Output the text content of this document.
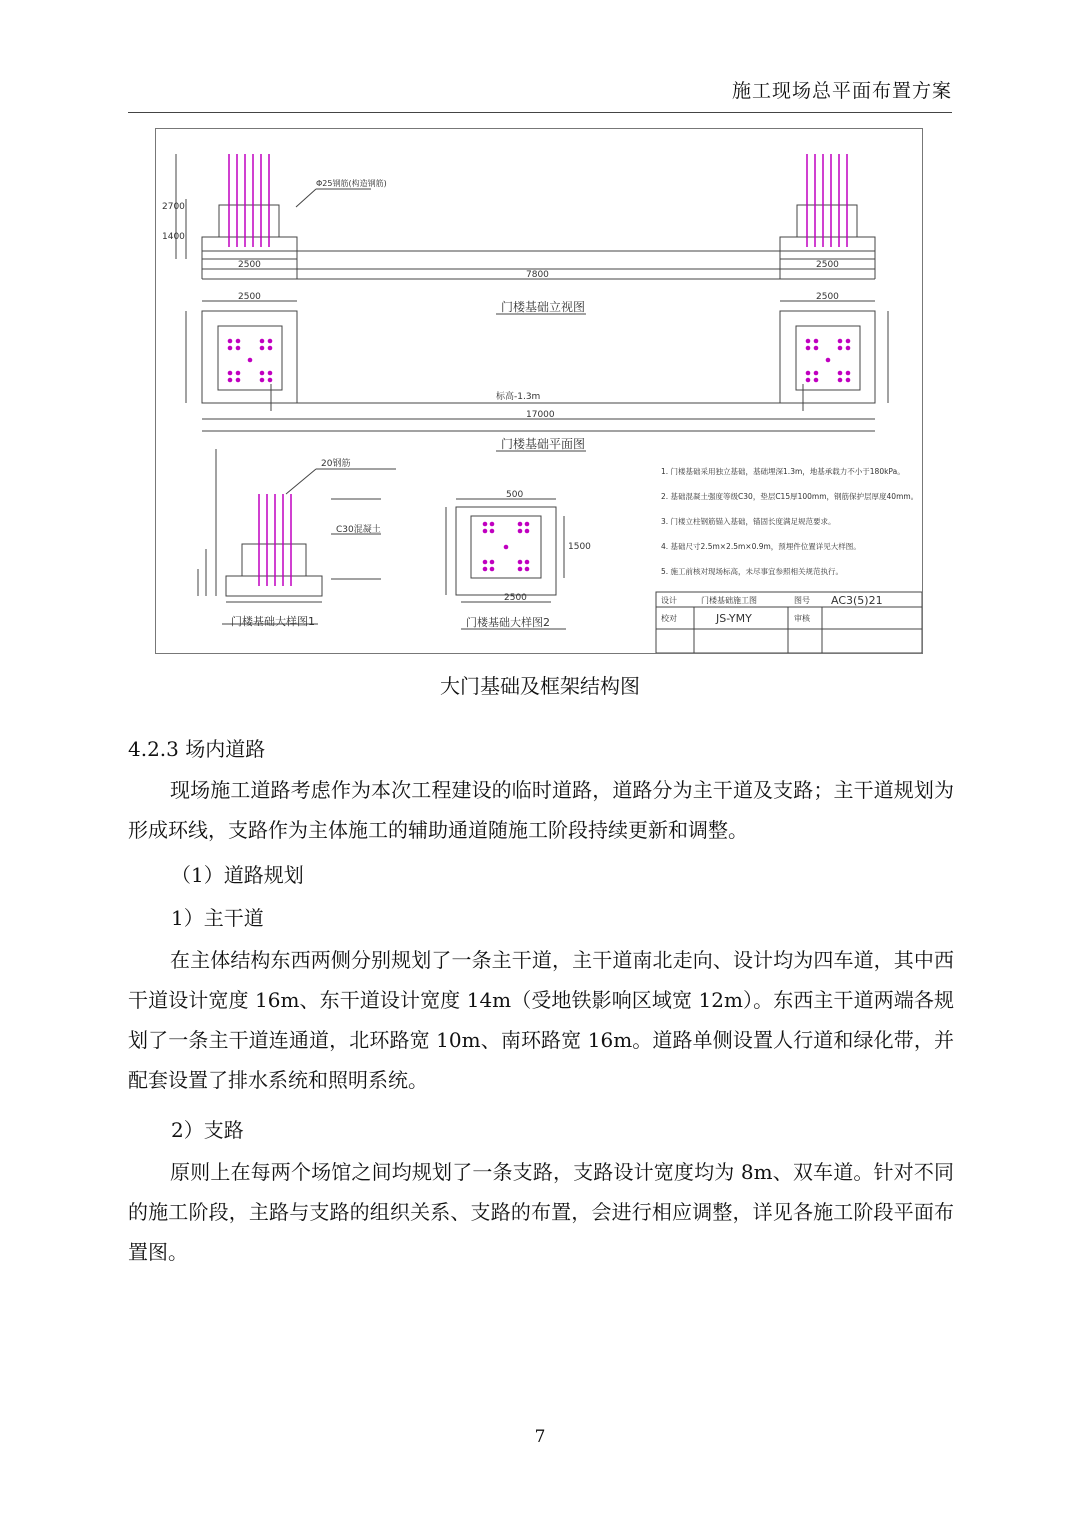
施工现场总平面布置方案
门楼基础立视图
门楼基础平面图
门楼基础大样图1	门楼基础大样图2
7800
17000
2500	2500
2500	2500
2700
1400
Φ25钢筋(构造钢筋)
标高-1.3m
500
2500
1500
20钢筋
C30混凝土
设计	门楼基础施工图	图号 AC3(5)21
校对	JS-YMY	审核
1. 门楼基础采用独立基础，基础埋深1.3m，地基承载力不小于180kPa。
2. 基础混凝土强度等级C30，垫层C15厚100mm，钢筋保护层厚度40mm。
3. 门楼立柱钢筋锚入基础，锚固长度满足规范要求。
4. 基础尺寸2.5m×2.5m×0.9m，预埋件位置详见大样图。
5. 施工前核对现场标高，未尽事宜参照相关规范执行。
大门基础及框架结构图
4.2.3 场内道路
现场施工道路考虑作为本次工程建设的临时道路，道路分为主干道及支路；主干道规划为形成环线，支路作为主体施工的辅助通道随施工阶段持续更新和调整。
（1）道路规划
1）主干道
在主体结构东西两侧分别规划了一条主干道，主干道南北走向、设计均为四车道，其中西干道设计宽度 16m、东干道设计宽度 14m（受地铁影响区域宽 12m）。东西主干道两端各规划了一条主干道连通道，北环路宽 10m、南环路宽 16m。道路单侧设置人行道和绿化带，并配套设置了排水系统和照明系统。
2）支路
原则上在每两个场馆之间均规划了一条支路，支路设计宽度均为 8m、双车道。针对不同的施工阶段，主路与支路的组织关系、支路的布置，会进行相应调整，详见各施工阶段平面布置图。
7
